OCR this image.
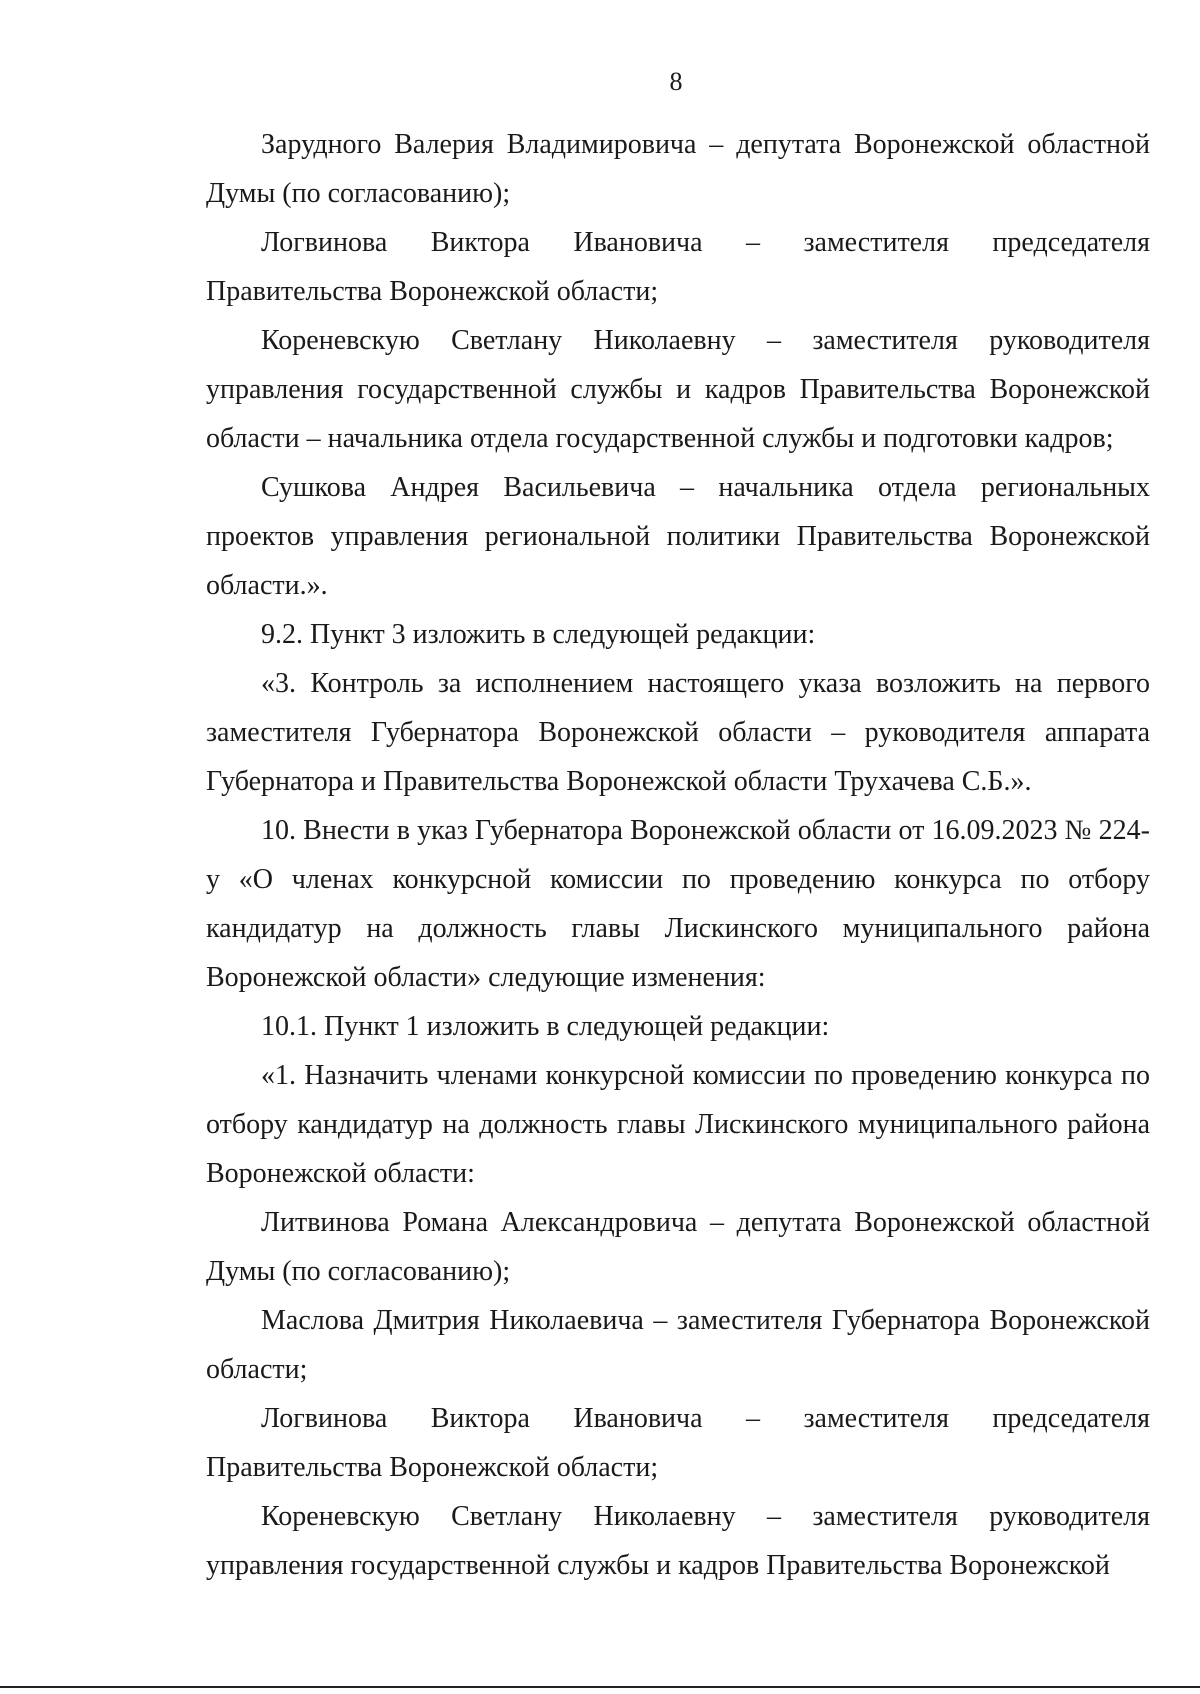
8

Зарудного Валерия Владимировича – депутата Воронежской областной Думы (по согласованию);

Логвинова Виктора Ивановича – заместителя председателя Правительства Воронежской области;

Кореневскую Светлану Николаевну – заместителя руководителя управления государственной службы и кадров Правительства Воронежской области – начальника отдела государственной службы и подготовки кадров;

Сушкова Андрея Васильевича – начальника отдела региональных проектов управления региональной политики Правительства Воронежской области.».

9.2. Пункт 3 изложить в следующей редакции:

«3. Контроль за исполнением настоящего указа возложить на первого заместителя Губернатора Воронежской области – руководителя аппарата Губернатора и Правительства Воронежской области Трухачева С.Б.».

10. Внести в указ Губернатора Воронежской области от 16.09.2023 № 224-у «О членах конкурсной комиссии по проведению конкурса по отбору кандидатур на должность главы Лискинского муниципального района Воронежской области» следующие изменения:

10.1. Пункт 1 изложить в следующей редакции:

«1. Назначить членами конкурсной комиссии по проведению конкурса по отбору кандидатур на должность главы Лискинского муниципального района Воронежской области:

Литвинова Романа Александровича – депутата Воронежской областной Думы (по согласованию);

Маслова Дмитрия Николаевича – заместителя Губернатора Воронежской области;

Логвинова Виктора Ивановича – заместителя председателя Правительства Воронежской области;

Кореневскую Светлану Николаевну – заместителя руководителя управления государственной службы и кадров Правительства Воронежской
